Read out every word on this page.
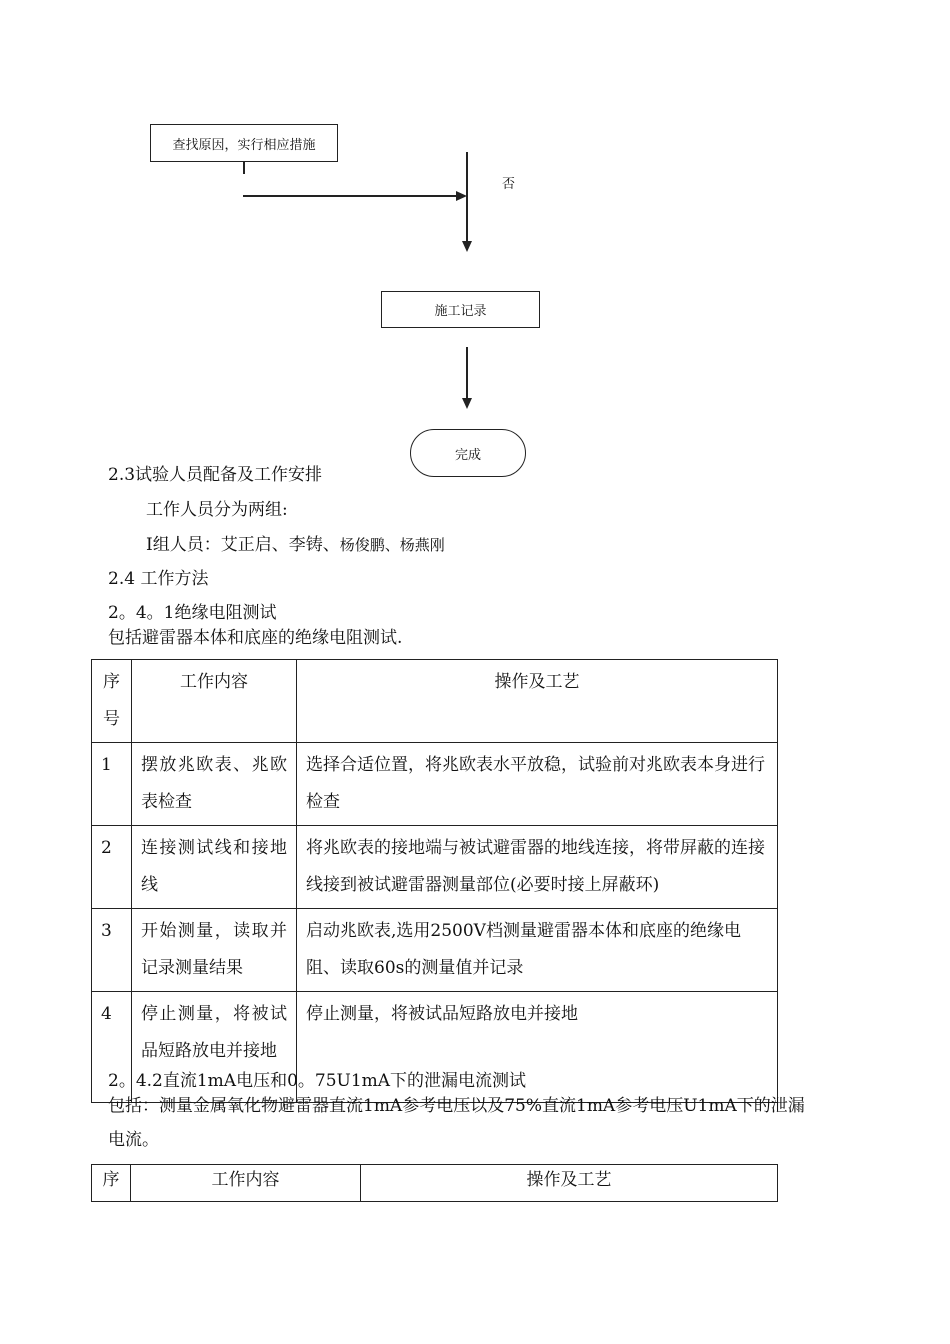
查找原因，实行相应措施
否
施工记录
完成
2.3试验人员配备及工作安排
工作人员分为两组:
I组人员：艾正启、李铸、杨俊鹏、杨燕刚
2.4 工作方法
2。4。1绝缘电阻测试
包括避雷器本体和底座的绝缘电阻测试.
序号	工作内容	操作及工艺
1	摆放兆欧表、兆欧表检查	选择合适位置，将兆欧表水平放稳，试验前对兆欧表本身进行检查
2	连接测试线和接地线	将兆欧表的接地端与被试避雷器的地线连接，将带屏蔽的连接线接到被试避雷器测量部位(必要时接上屏蔽环)
3	开始测量，读取并记录测量结果	启动兆欧表,选用2500V档测量避雷器本体和底座的绝缘电阻、读取60s的测量值并记录
4	停止测量，将被试品短路放电并接地	停止测量，将被试品短路放电并接地
2。4.2直流1mA电压和0。75U1mA下的泄漏电流测试
包括：测量金属氧化物避雷器直流1mA参考电压以及75%直流1mA参考电压U1mA下的泄漏
电流。
序	工作内容	操作及工艺
